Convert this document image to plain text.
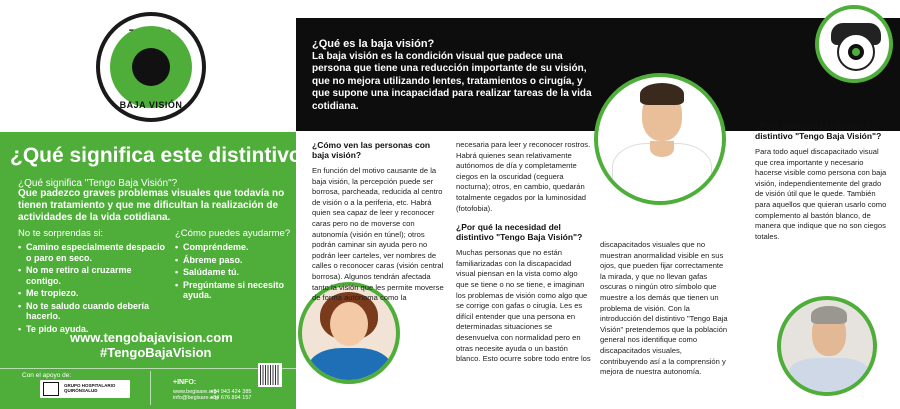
BAJA VISIÓN
¿Qué significa este distintivo?
¿Qué significa "Tengo Baja Visión"?
Que padezco graves problemas visuales que todavía no tienen tratamiento y que me dificultan la realización de actividades de la vida cotidiana.
No te sorprendas si:
• Camino especialmente despacio o paro en seco.
• No me retiro al cruzarme contigo.
• Me tropiezo.
• No te saludo cuando debería hacerlo.
• Te pido ayuda.
¿Cómo puedes ayudarme?
• Compréndeme.
• Ábreme paso.
• Salúdame tú.
• Pregúntame si necesito ayuda.
www.tengobajavision.com
#TengoBajaVision
Con el apoyo de:
GRUPO HOSPITALARIO
QUIRÓNSALUD
+INFO:
www.begisare.org
info@begisare.org
+34 943 424 385
+34 676 894 157
¿Qué es la baja visión?
La baja visión es la condición visual que padece una persona que tiene una reducción importante de su visión, que no mejora utilizando lentes, tratamientos o cirugía, y que supone una incapacidad para realizar tareas de la vida cotidiana.
¿Cómo ven las personas con baja visión?
En función del motivo causante de la baja visión, la percepción puede ser borrosa, parcheada, reducida al centro de visión o a la periferia, etc. Habrá quien sea capaz de leer y reconocer caras pero no de moverse con autonomía (visión en túnel); otros podrán caminar sin ayuda pero no podrán leer carteles, ver nombres de calles o reconocer caras (visión central borrosa). Algunos tendrán afectada tanto la visión que les permite moverse de forma autónoma como la
necesaria para leer y reconocer rostros. Habrá quienes sean relativamente autónomos de día y completamente ciegos en la oscuridad (ceguera nocturna); otros, en cambio, quedarán totalmente cegados por la luminosidad (fotofobia).
¿Por qué la necesidad del distintivo "Tengo Baja Visión"?
Muchas personas que no están familiarizadas con la discapacidad visual piensan en la vista como algo que se tiene o no se tiene, e imaginan los problemas de visión como algo que se corrige con gafas o cirugía. Les es difícil entender que una persona en determinadas situaciones se desenvuelva con normalidad pero en otras necesite ayuda o un bastón blanco. Esto ocurre sobre todo entre los
discapacitados visuales que no muestran anormalidad visible en sus ojos, que pueden fijar correctamente la mirada, y que no llevan gafas oscuras o ningún otro símbolo que muestre a los demás que tienen un problema de visión. Con la introducción del distintivo "Tengo Baja Visión" pretendemos que la población general nos identifique como discapacitados visuales, contribuyendo así a la comprensión y mejora de nuestra autonomía.
¿Para quién está indicado el distintivo "Tengo Baja Visión"?
Para todo aquel discapacitado visual que crea importante y necesario hacerse visible como persona con baja visión, independientemente del grado de visión útil que le quede. También para aquellos que quieran usarlo como complemento al bastón blanco, de manera que indique que no son ciegos totales.
